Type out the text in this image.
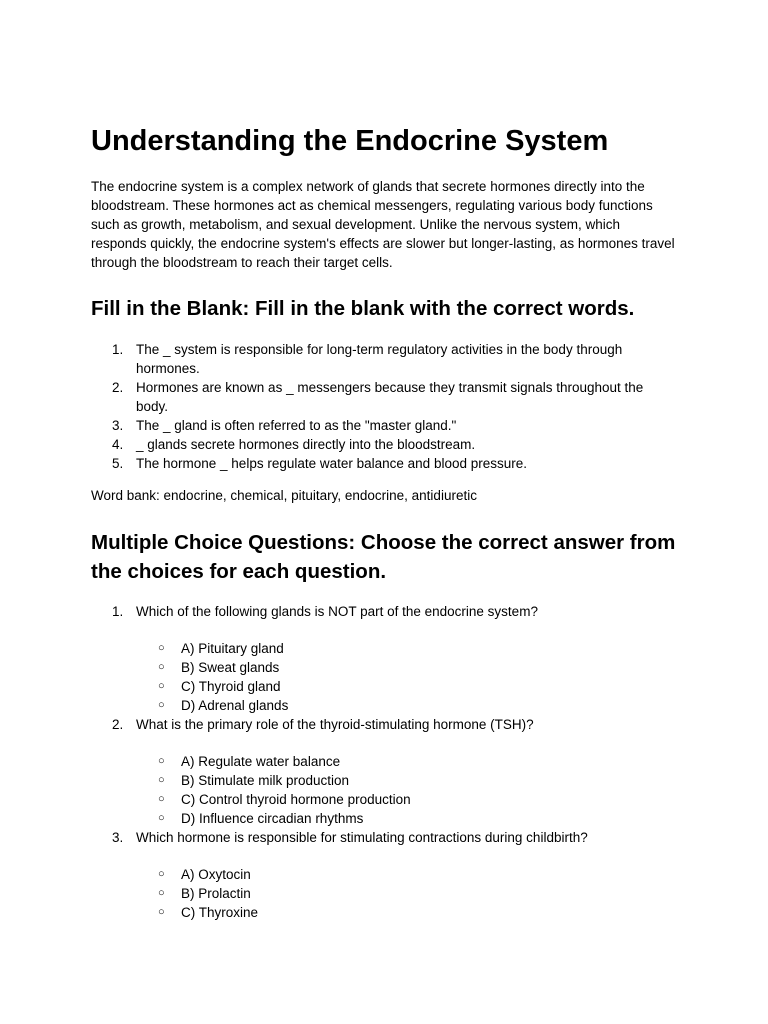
Understanding the Endocrine System

The endocrine system is a complex network of glands that secrete hormones directly into the bloodstream. These hormones act as chemical messengers, regulating various body functions such as growth, metabolism, and sexual development. Unlike the nervous system, which responds quickly, the endocrine system's effects are slower but longer-lasting, as hormones travel through the bloodstream to reach their target cells.

Fill in the Blank: Fill in the blank with the correct words.
1. The _ system is responsible for long-term regulatory activities in the body through hormones.
2. Hormones are known as _ messengers because they transmit signals throughout the body.
3. The _ gland is often referred to as the "master gland."
4. _ glands secrete hormones directly into the bloodstream.
5. The hormone _ helps regulate water balance and blood pressure.

Word bank: endocrine, chemical, pituitary, endocrine, antidiuretic

Multiple Choice Questions: Choose the correct answer from the choices for each question.
1. Which of the following glands is NOT part of the endocrine system?
○ A) Pituitary gland
○ B) Sweat glands
○ C) Thyroid gland
○ D) Adrenal glands
2. What is the primary role of the thyroid-stimulating hormone (TSH)?
○ A) Regulate water balance
○ B) Stimulate milk production
○ C) Control thyroid hormone production
○ D) Influence circadian rhythms
3. Which hormone is responsible for stimulating contractions during childbirth?
○ A) Oxytocin
○ B) Prolactin
○ C) Thyroxine
